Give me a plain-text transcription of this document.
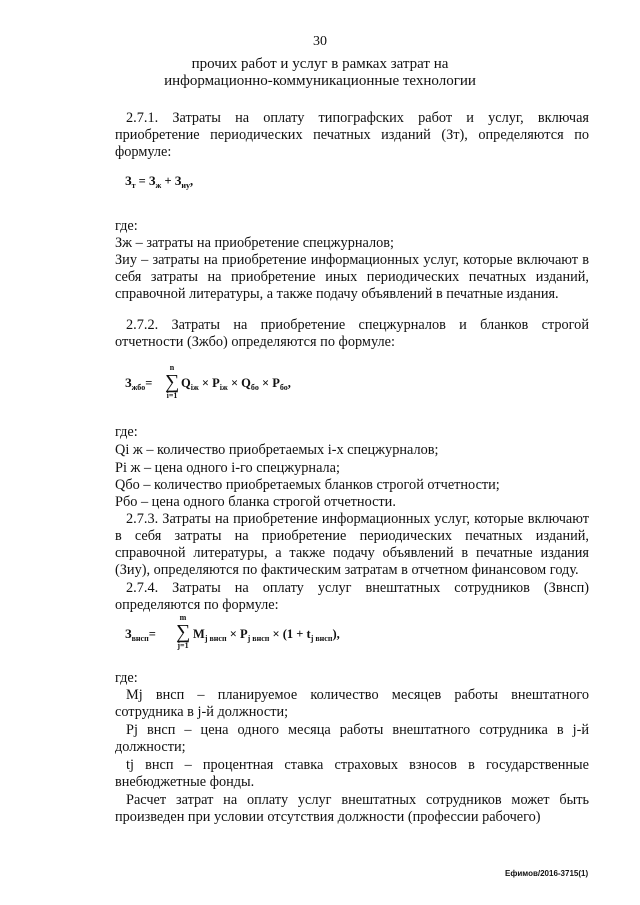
30
прочих работ и услуг в рамках затрат на
информационно-коммуникационные технологии
2.7.1. Затраты на оплату типографских работ и услуг, включая приобретение периодических печатных изданий (Зт), определяются по формуле:
$З_т = З_ж + З_{иу}$,
где:
Зж – затраты на приобретение спецжурналов;
Зиу – затраты на приобретение информационных услуг, которые включают в себя затраты на приобретение иных периодических печатных изданий, справочной литературы, а также подачу объявлений в печатные издания.
2.7.2. Затраты на приобретение спецжурналов и бланков строгой отчетности (Зжбо) определяются по формуле:
$З_{жбо}=$
n
∑
i=1
$Q_{iж} \times P_{iж} \times Q_{бо} \times P_{бо}$,
где:
Qi ж – количество приобретаемых i-х спецжурналов;
Pi ж – цена одного i-го спецжурнала;
Qбо – количество приобретаемых бланков строгой отчетности;
Pбо – цена одного бланка строгой отчетности.
2.7.3. Затраты на приобретение информационных услуг, которые включают в себя затраты на приобретение периодических печатных изданий, справочной литературы, а также подачу объявлений в печатные издания (Зиу), определяются по фактическим затратам в отчетном финансовом году.
2.7.4. Затраты на оплату услуг внештатных сотрудников (Звнсп) определяются по формуле:
$З_{внсп}=$
m
∑
j=1
$M_{j внсп} \times P_{j внсп} \times (1 + t_{j внсп})$,
где:
Mj внсп – планируемое количество месяцев работы внештатного сотрудника в j-й должности;
Pj внсп – цена одного месяца работы внештатного сотрудника в j-й должности;
tj внсп – процентная ставка страховых взносов в государственные внебюджетные фонды.
Расчет затрат на оплату услуг внештатных сотрудников может быть произведен при условии отсутствия должности (профессии рабочего)
Ефимов/2016-3715(1)
